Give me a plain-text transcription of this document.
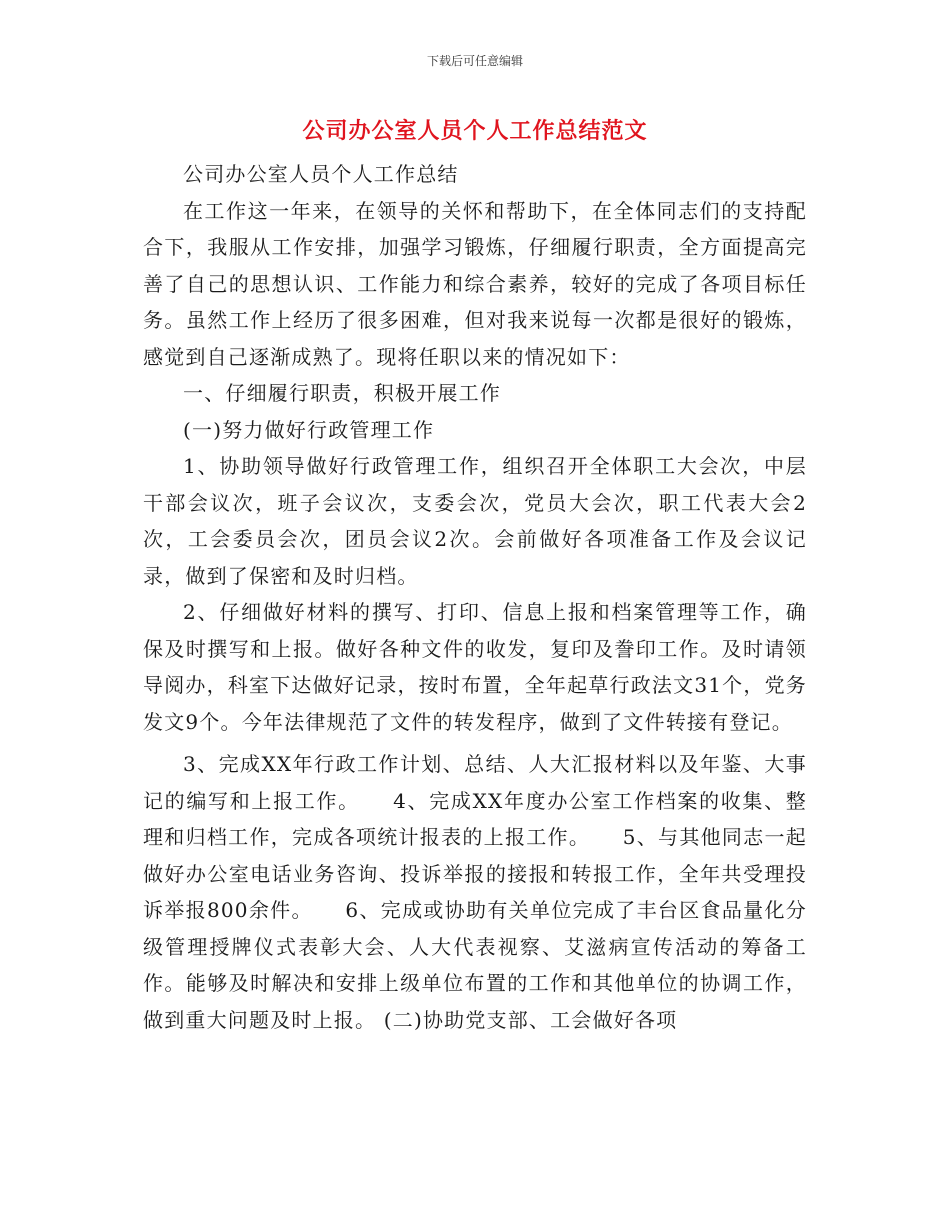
下载后可任意编辑
公司办公室人员个人工作总结范文

公司办公室人员个人工作总结

在工作这一年来，在领导的关怀和帮助下，在全体同志们的支持配合下，我服从工作安排，加强学习锻炼，仔细履行职责，全方面提高完善了自己的思想认识、工作能力和综合素养，较好的完成了各项目标任务。虽然工作上经历了很多困难，但对我来说每一次都是很好的锻炼，感觉到自己逐渐成熟了。现将任职以来的情况如下：

一、仔细履行职责，积极开展工作

(一)努力做好行政管理工作

1、协助领导做好行政管理工作，组织召开全体职工大会次，中层干部会议次，班子会议次，支委会次，党员大会次，职工代表大会2次，工会委员会次，团员会议2次。会前做好各项准备工作及会议记录，做到了保密和及时归档。

2、仔细做好材料的撰写、打印、信息上报和档案管理等工作，确保及时撰写和上报。做好各种文件的收发，复印及誊印工作。及时请领导阅办，科室下达做好记录，按时布置，全年起草行政法文31个，党务发文9个。今年法律规范了文件的转发程序，做到了文件转接有登记。

3、完成XX年行政工作计划、总结、人大汇报材料以及年鉴、大事记的编写和上报工作。　　4、完成XX年度办公室工作档案的收集、整理和归档工作，完成各项统计报表的上报工作。　　5、与其他同志一起做好办公室电话业务咨询、投诉举报的接报和转报工作，全年共受理投诉举报800余件。　　6、完成或协助有关单位完成了丰台区食品量化分级管理授牌仪式表彰大会、人大代表视察、艾滋病宣传活动的筹备工作。能够及时解决和安排上级单位布置的工作和其他单位的协调工作，做到重大问题及时上报。 (二)协助党支部、工会做好各项
